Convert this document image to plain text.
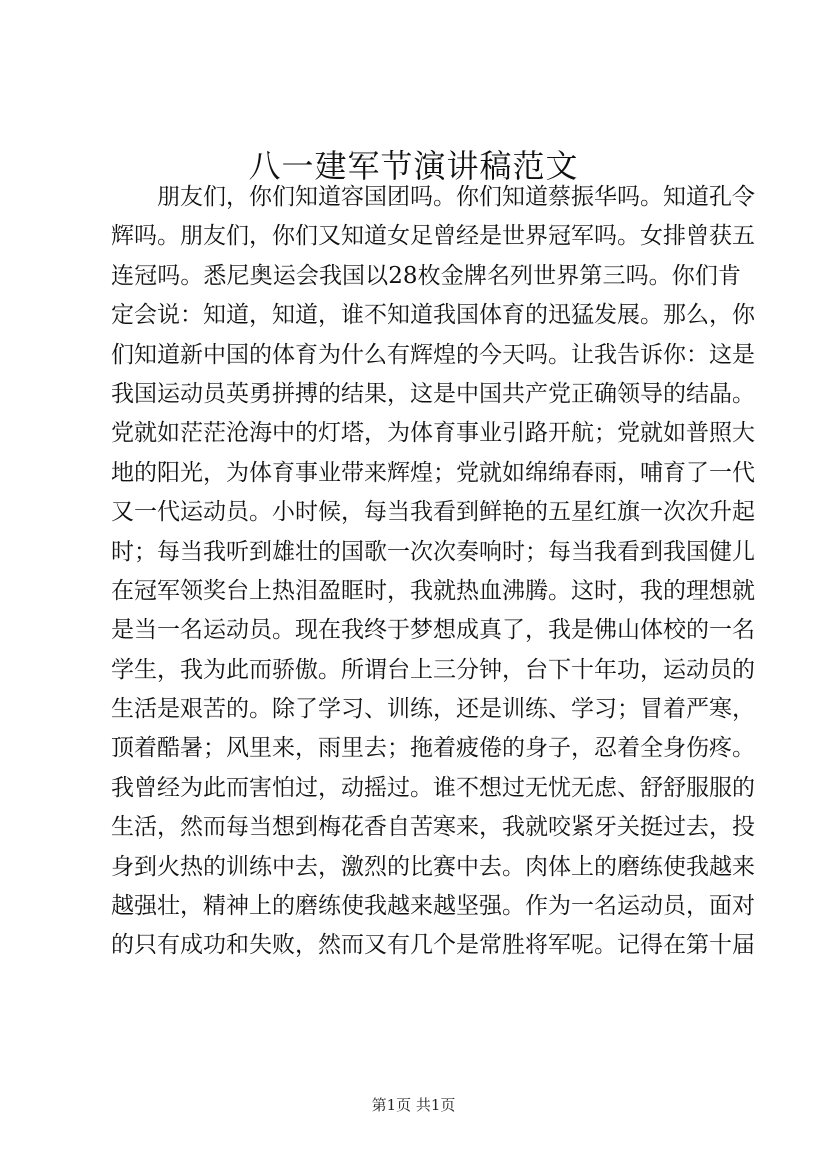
八一建军节演讲稿范文
朋友们，你们知道容国团吗。你们知道蔡振华吗。知道孔令
辉吗。朋友们，你们又知道女足曾经是世界冠军吗。女排曾获五
连冠吗。悉尼奥运会我国以28枚金牌名列世界第三吗。你们肯
定会说：知道，知道，谁不知道我国体育的迅猛发展。那么，你
们知道新中国的体育为什么有辉煌的今天吗。让我告诉你：这是
我国运动员英勇拼搏的结果，这是中国共产党正确领导的结晶。
党就如茫茫沧海中的灯塔，为体育事业引路开航；党就如普照大
地的阳光，为体育事业带来辉煌；党就如绵绵春雨，哺育了一代
又一代运动员。小时候，每当我看到鲜艳的五星红旗一次次升起
时；每当我听到雄壮的国歌一次次奏响时；每当我看到我国健儿
在冠军领奖台上热泪盈眶时，我就热血沸腾。这时，我的理想就
是当一名运动员。现在我终于梦想成真了，我是佛山体校的一名
学生，我为此而骄傲。所谓台上三分钟，台下十年功，运动员的
生活是艰苦的。除了学习、训练，还是训练、学习；冒着严寒，
顶着酷暑；风里来，雨里去；拖着疲倦的身子，忍着全身伤疼。
我曾经为此而害怕过，动摇过。谁不想过无忧无虑、舒舒服服的
生活，然而每当想到梅花香自苦寒来，我就咬紧牙关挺过去，投
身到火热的训练中去，激烈的比赛中去。肉体上的磨练使我越来
越强壮，精神上的磨练使我越来越坚强。作为一名运动员，面对
的只有成功和失败，然而又有几个是常胜将军呢。记得在第十届
第1页 共1页
